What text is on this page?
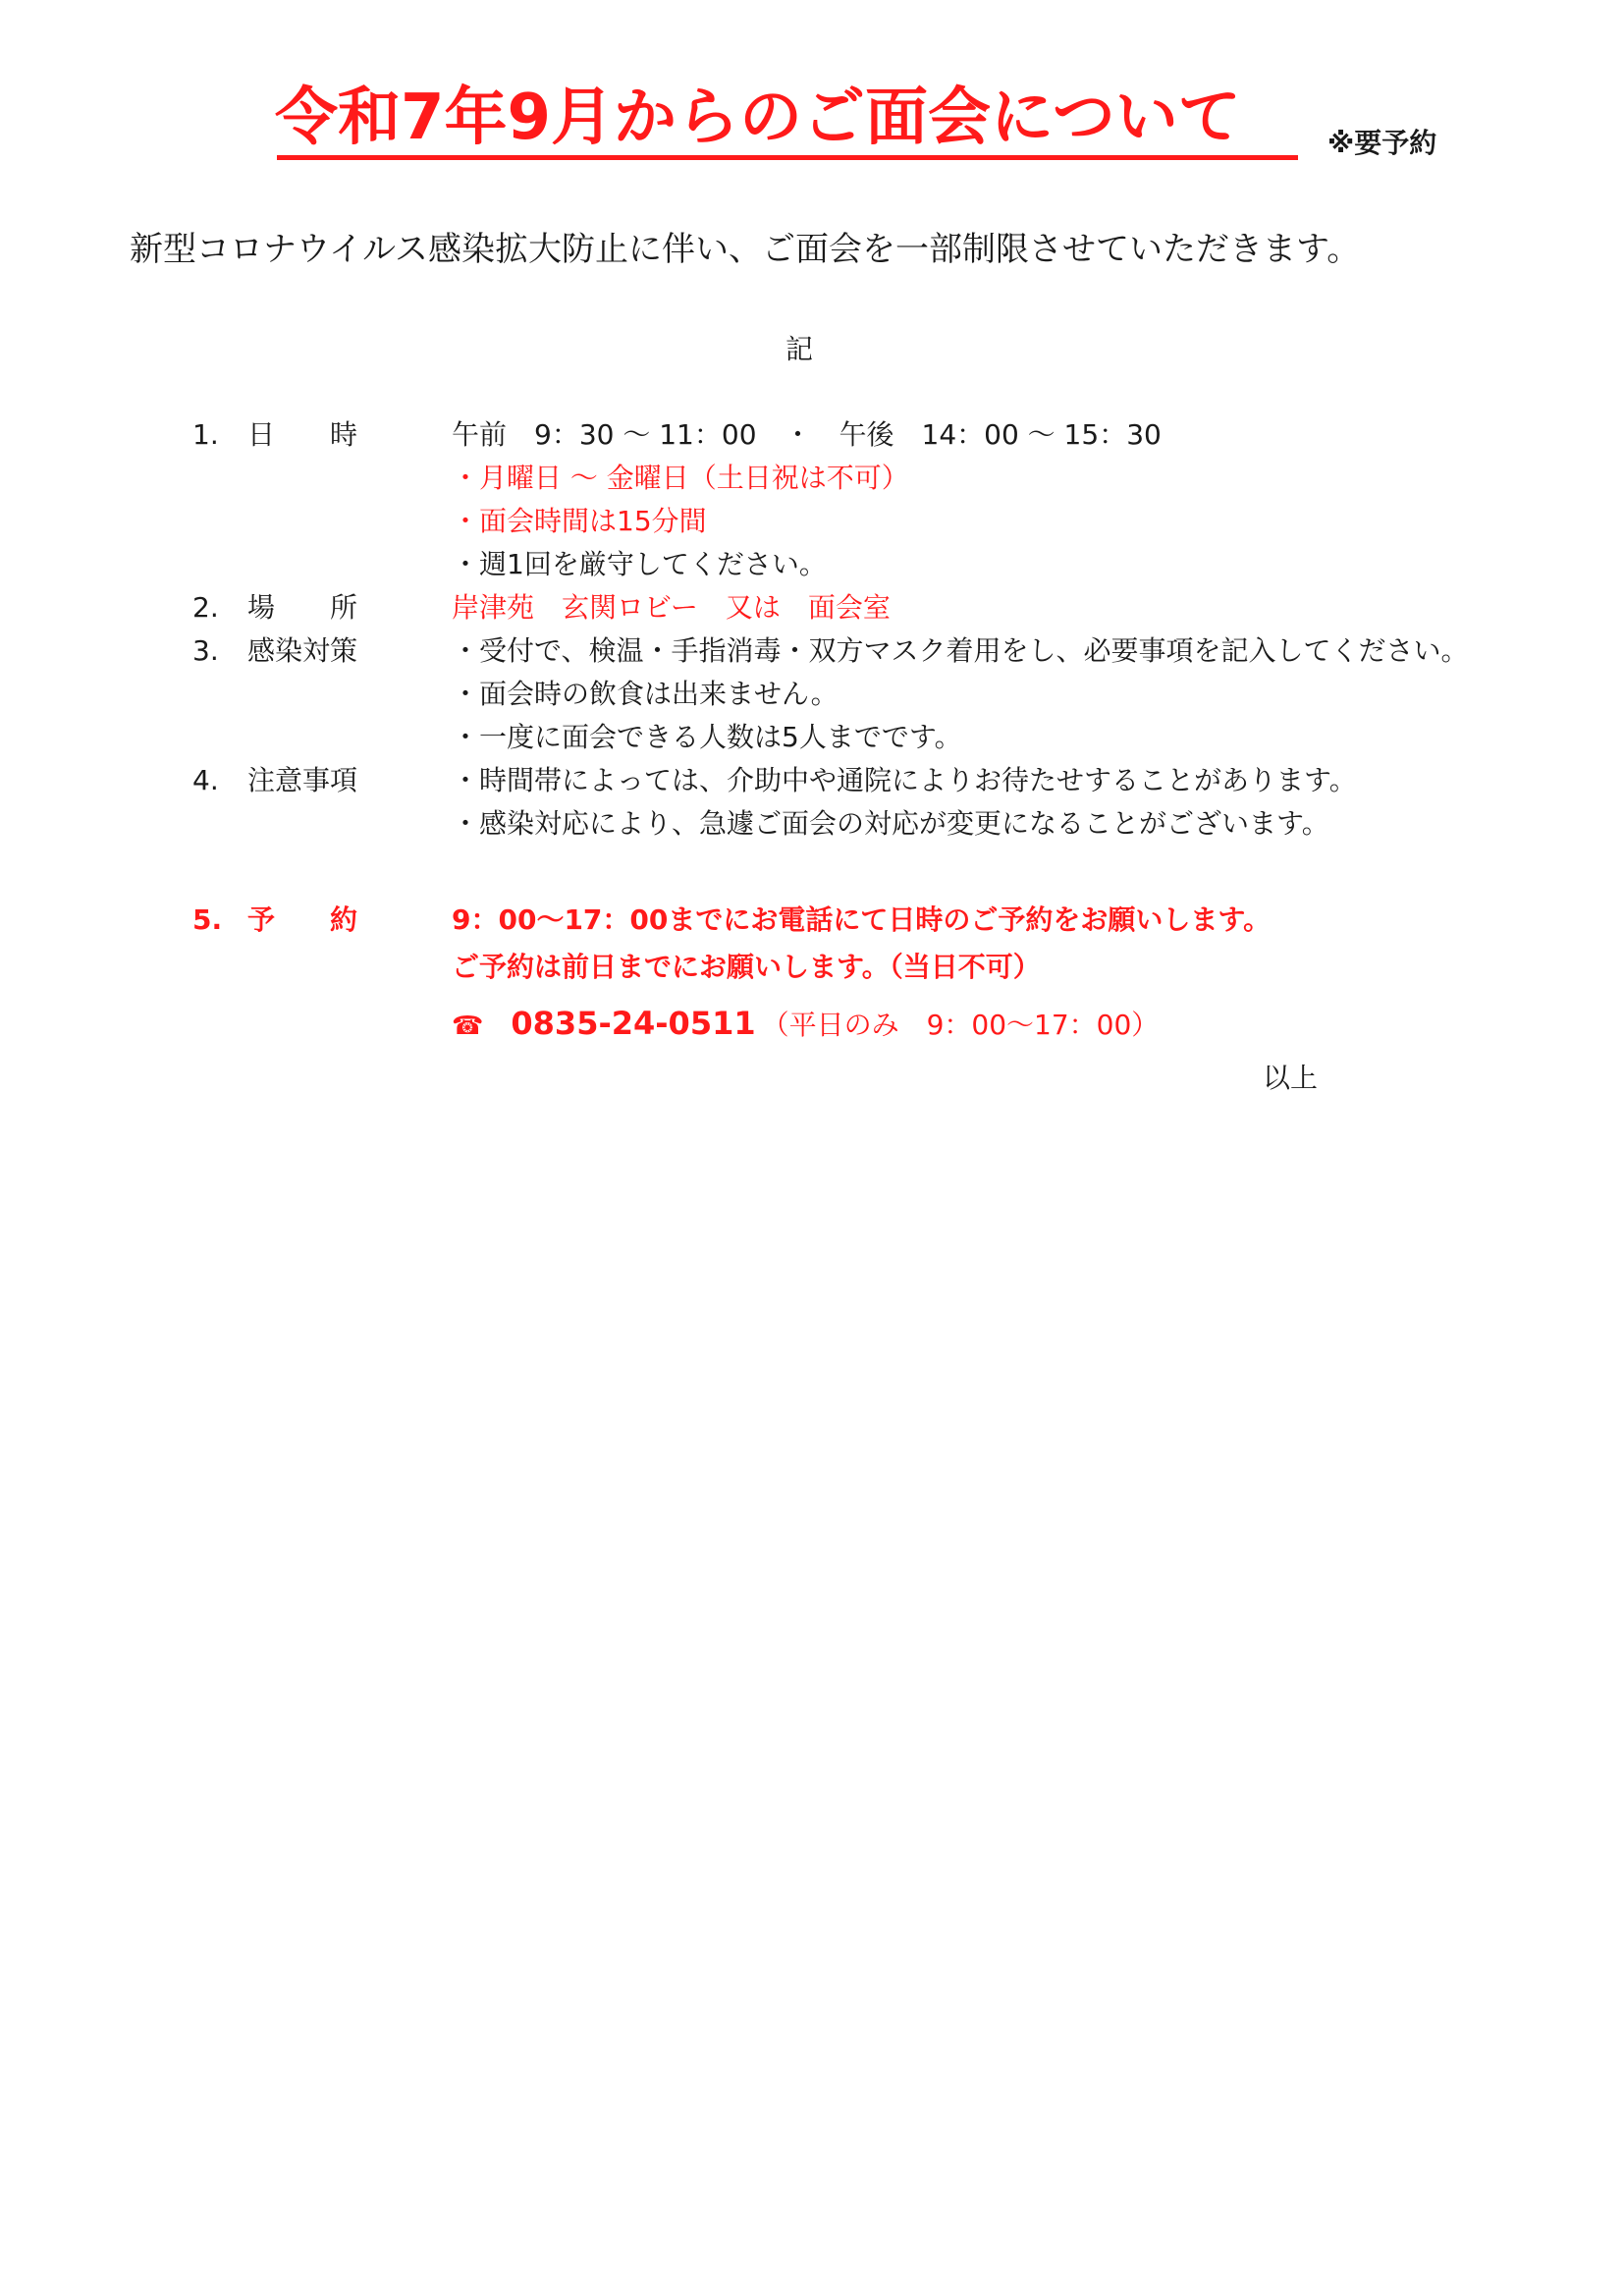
令和7年9月からのご面会について	※要予約
新型コロナウイルス感染拡大防止に伴い、ご面会を一部制限させていただきます。
記
1. 日　　時	午前　9：30 ～ 11：00　・　午後　14：00 ～ 15：30
・月曜日 ～ 金曜日（土日祝は不可）
・面会時間は15分間
・週1回を厳守してください。
2. 場　　所	岸津苑　玄関ロビー　又は　面会室
3. 感染対策	・受付で、検温・手指消毒・双方マスク着用をし、必要事項を記入してください。
・面会時の飲食は出来ません。
・一度に面会できる人数は5人までです。
4. 注意事項	・時間帯によっては、介助中や通院によりお待たせすることがあります。
・感染対応により、急遽ご面会の対応が変更になることがございます。
5. 予　　約	9：00～17：00までにお電話にて日時のご予約をお願いします。
ご予約は前日までにお願いします。（当日不可）
☎ 0835-24-0511 （平日のみ　9：00～17：00）
以上
